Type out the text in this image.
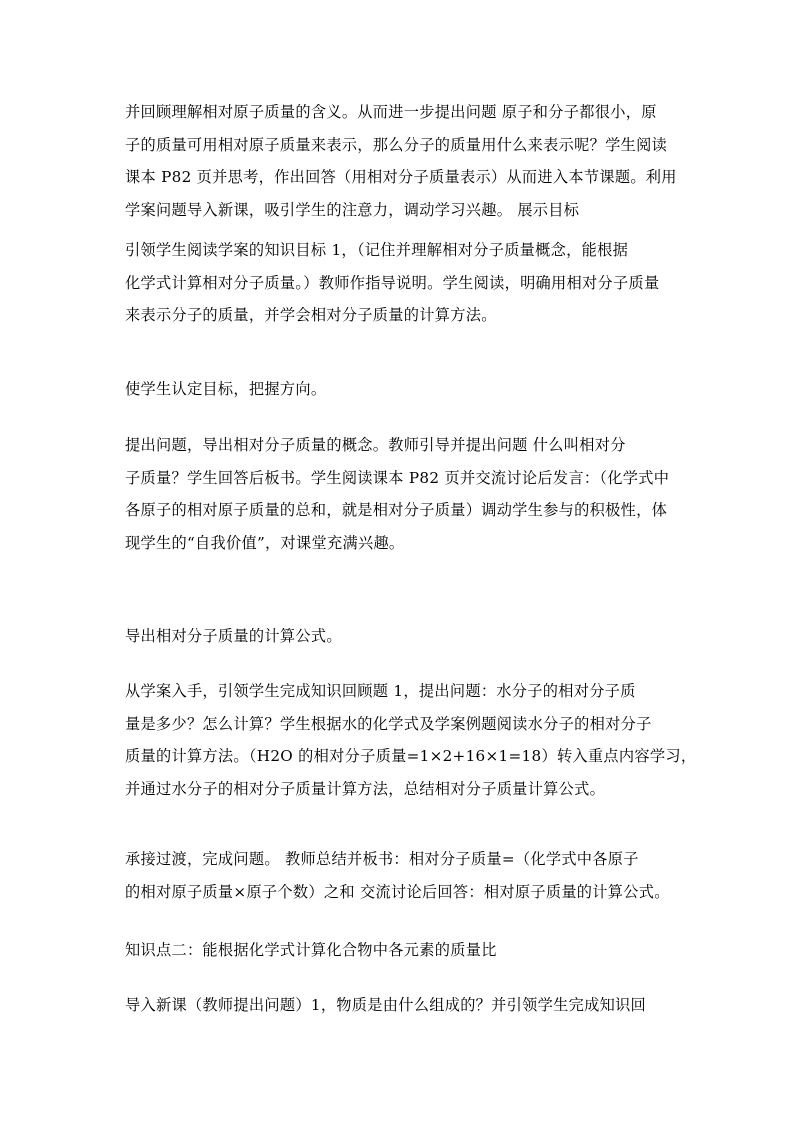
并回顾理解相对原子质量的含义。从而进一步提出问题 原子和分子都很小，原
子的质量可用相对原子质量来表示，那么分子的质量用什么来表示呢？学生阅读
课本 P82 页并思考，作出回答（用相对分子质量表示）从而进入本节课题。利用
学案问题导入新课，吸引学生的注意力，调动学习兴趣。 展示目标
引领学生阅读学案的知识目标 1，（记住并理解相对分子质量概念，能根据
化学式计算相对分子质量。）教师作指导说明。学生阅读，明确用相对分子质量
来表示分子的质量，并学会相对分子质量的计算方法。
使学生认定目标，把握方向。
提出问题，导出相对分子质量的概念。教师引导并提出问题 什么叫相对分
子质量？学生回答后板书。学生阅读课本 P82 页并交流讨论后发言：（化学式中
各原子的相对原子质量的总和，就是相对分子质量）调动学生参与的积极性，体
现学生的“自我价值”，对课堂充满兴趣。
导出相对分子质量的计算公式。
从学案入手，引领学生完成知识回顾题 1，提出问题：水分子的相对分子质
量是多少？怎么计算？学生根据水的化学式及学案例题阅读水分子的相对分子
质量的计算方法。（H2O 的相对分子质量=1×2+16×1=18）转入重点内容学习，
并通过水分子的相对分子质量计算方法，总结相对分子质量计算公式。
承接过渡，完成问题。 教师总结并板书：相对分子质量=（化学式中各原子
的相对原子质量×原子个数）之和 交流讨论后回答：相对原子质量的计算公式。
知识点二：能根据化学式计算化合物中各元素的质量比
导入新课（教师提出问题）1，物质是由什么组成的？并引领学生完成知识回
